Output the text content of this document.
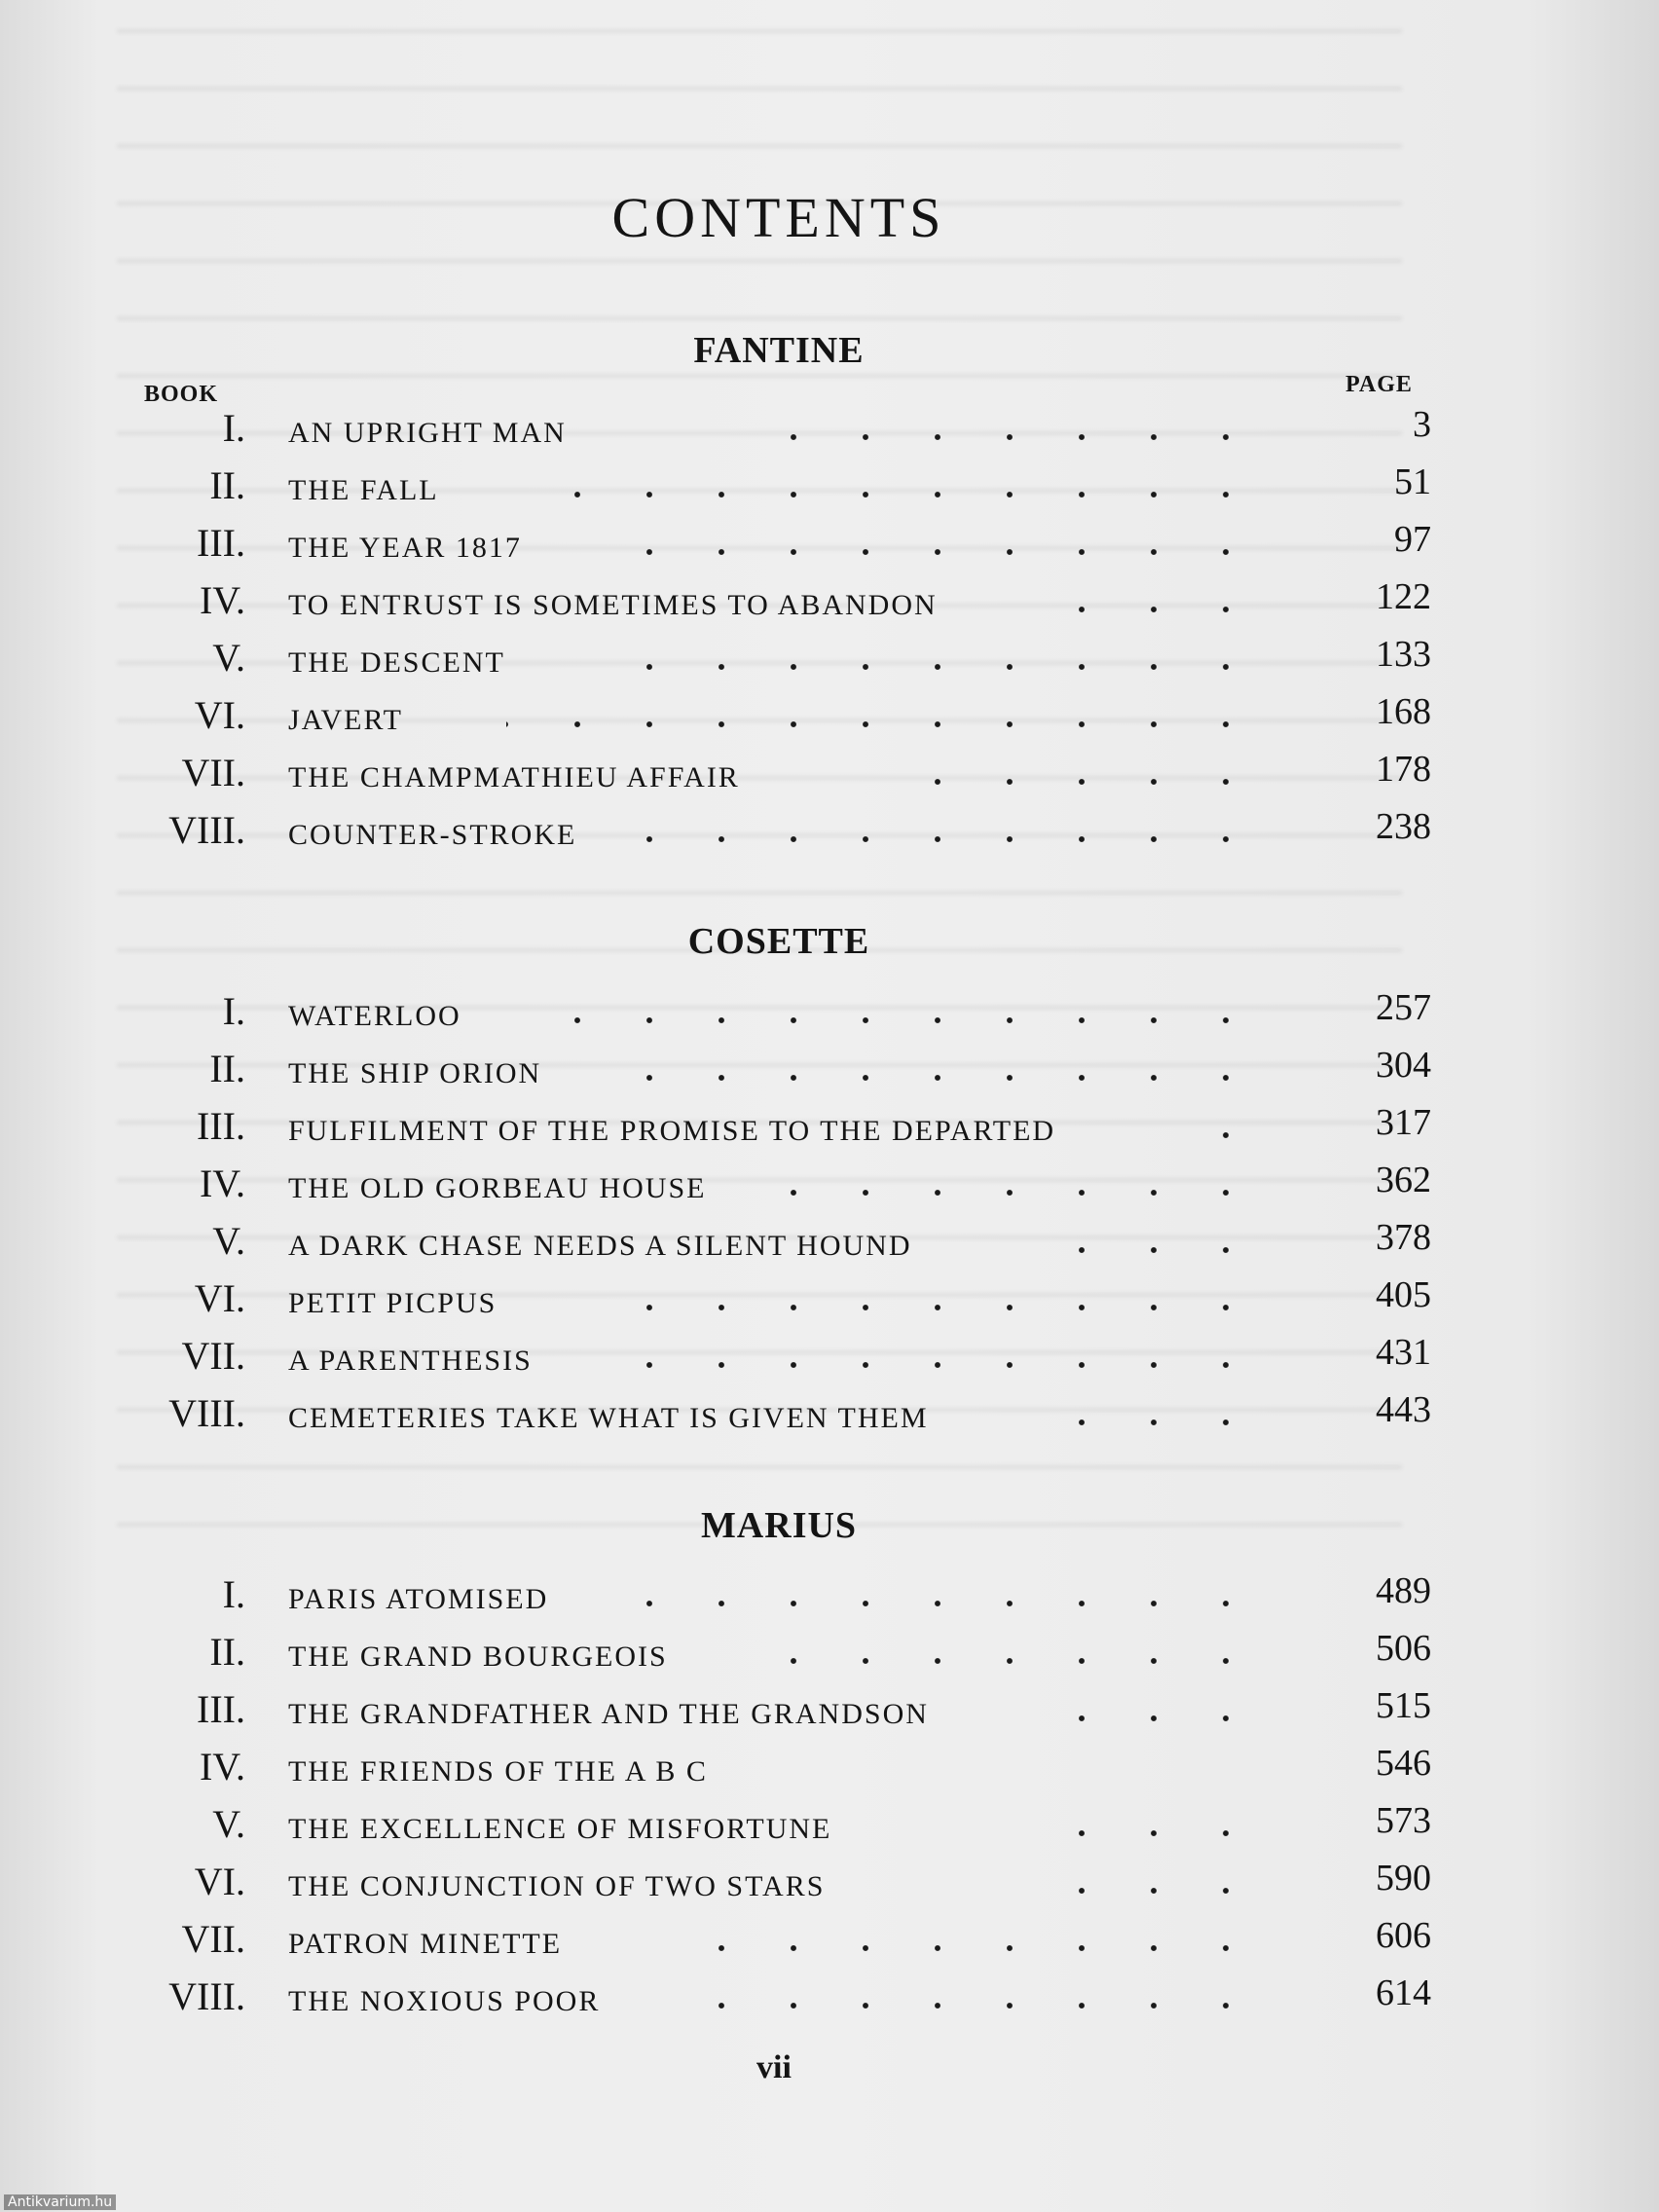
CONTENTS
FANTINE
BOOK	PAGE
I. AN UPRIGHT MAN	3
II. THE FALL	51
III. THE YEAR 1817	97
IV. TO ENTRUST IS SOMETIMES TO ABANDON	122
V. THE DESCENT	133
VI. JAVERT	168
VII. THE CHAMPMATHIEU AFFAIR	178
VIII. COUNTER-STROKE	238
COSETTE
I. WATERLOO	257
II. THE SHIP ORION	304
III. FULFILMENT OF THE PROMISE TO THE DEPARTED	317
IV. THE OLD GORBEAU HOUSE	362
V. A DARK CHASE NEEDS A SILENT HOUND	378
VI. PETIT PICPUS	405
VII. A PARENTHESIS	431
VIII. CEMETERIES TAKE WHAT IS GIVEN THEM	443
MARIUS
I. PARIS ATOMISED	489
II. THE GRAND BOURGEOIS	506
III. THE GRANDFATHER AND THE GRANDSON	515
IV. THE FRIENDS OF THE A B C	546
V. THE EXCELLENCE OF MISFORTUNE	573
VI. THE CONJUNCTION OF TWO STARS	590
VII. PATRON MINETTE	606
VIII. THE NOXIOUS POOR	614
vii
Antikvarium.hu
